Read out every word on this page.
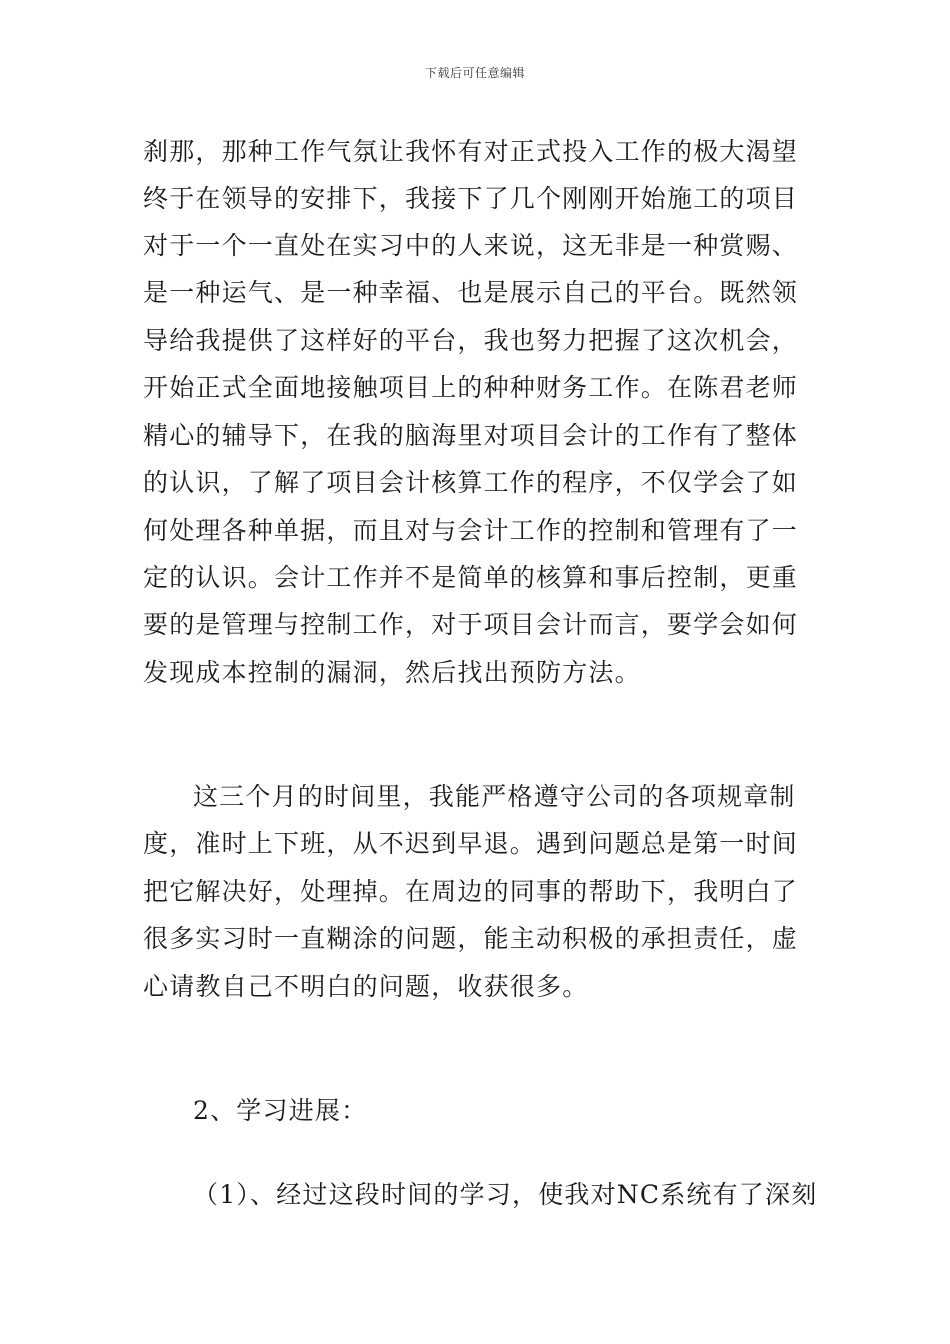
下载后可任意编辑
刹那，那种工作气氛让我怀有对正式投入工作的极大渴望
终于在领导的安排下，我接下了几个刚刚开始施工的项目
对于一个一直处在实习中的人来说，这无非是一种赏赐、
是一种运气、是一种幸福、也是展示自己的平台。既然领
导给我提供了这样好的平台，我也努力把握了这次机会，
开始正式全面地接触项目上的种种财务工作。在陈君老师
精心的辅导下，在我的脑海里对项目会计的工作有了整体
的认识，了解了项目会计核算工作的程序，不仅学会了如
何处理各种单据，而且对与会计工作的控制和管理有了一
定的认识。会计工作并不是简单的核算和事后控制，更重
要的是管理与控制工作，对于项目会计而言，要学会如何
发现成本控制的漏洞，然后找出预防方法。
这三个月的时间里，我能严格遵守公司的各项规章制
度，准时上下班，从不迟到早退。遇到问题总是第一时间
把它解决好，处理掉。在周边的同事的帮助下，我明白了
很多实习时一直糊涂的问题，能主动积极的承担责任，虚
心请教自己不明白的问题，收获很多。
2、学习进展：
（1）、经过这段时间的学习，使我对NC系统有了深刻
